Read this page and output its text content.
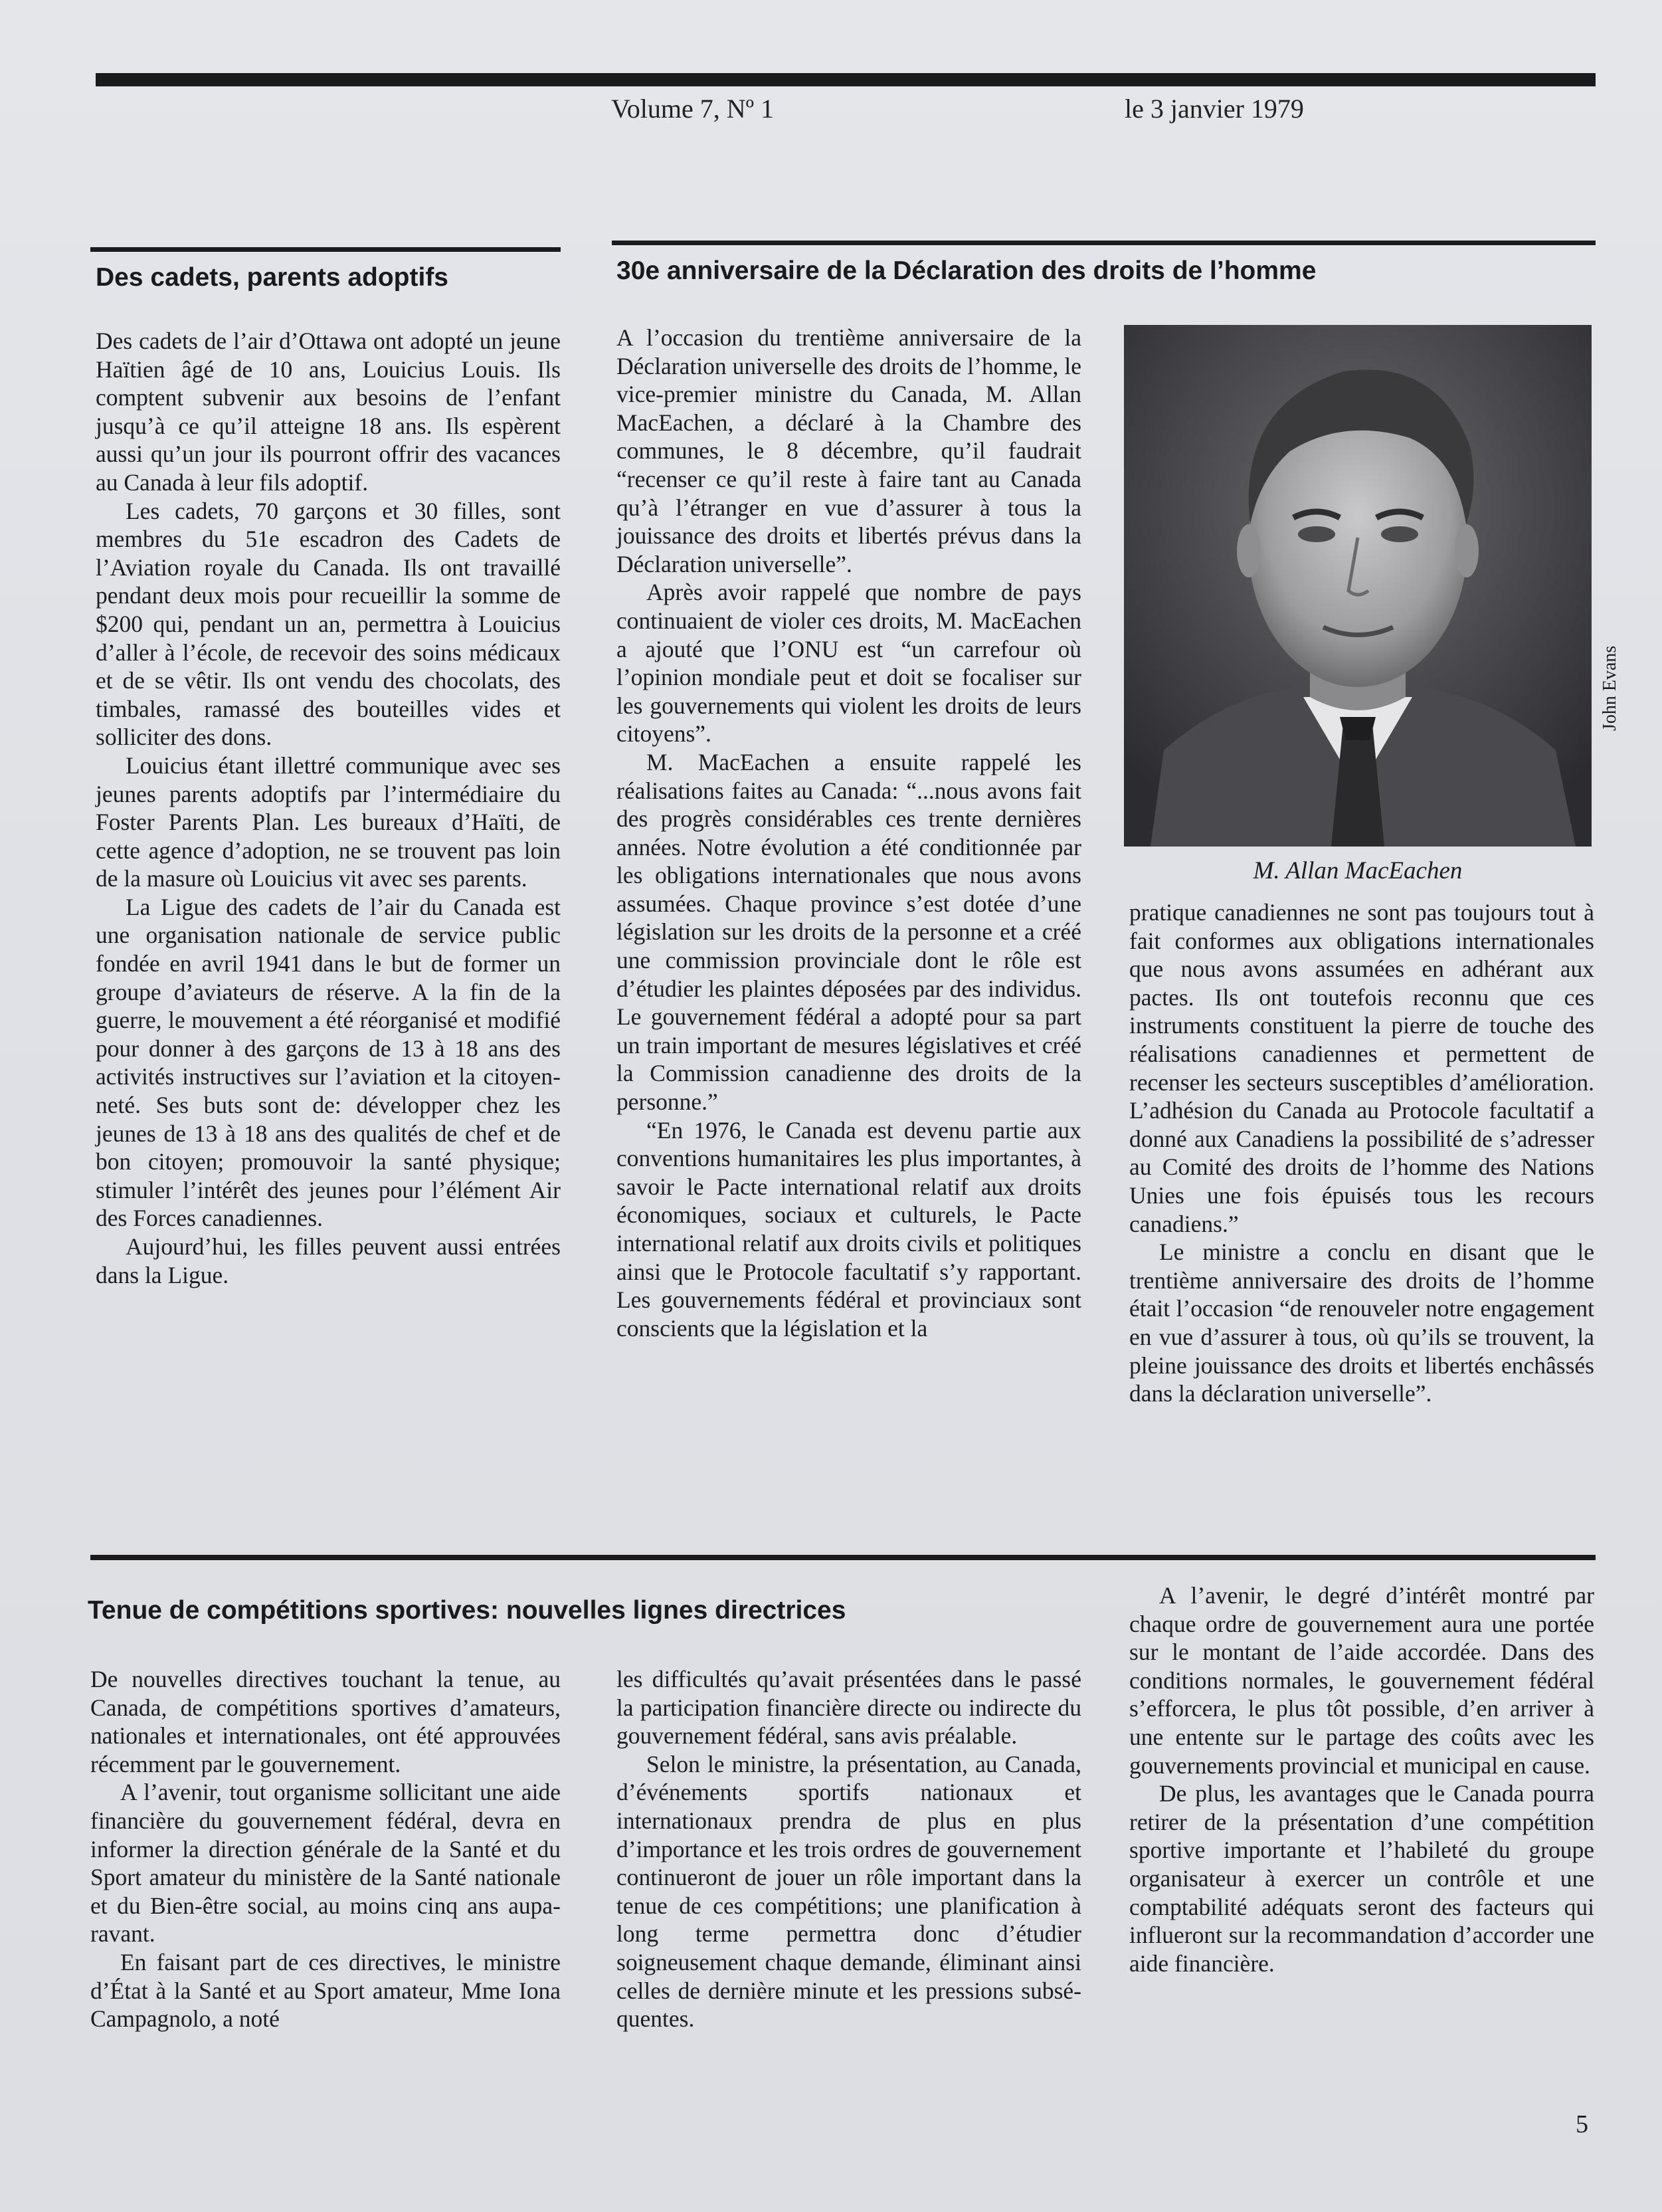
Volume 7, Nº 1	le 3 janvier 1979
Des cadets, parents adoptifs

Des cadets de l’air d’Ottawa ont adopté un jeune Haïtien âgé de 10 ans, Louicius Louis. Ils comptent subvenir aux besoins de l’enfant jusqu’à ce qu’il atteigne 18 ans. Ils espèrent aussi qu’un jour ils pourront offrir des vacances au Canada à leur fils adoptif.

Les cadets, 70 garçons et 30 filles, sont membres du 51e escadron des Cadets de l’Aviation royale du Canada. Ils ont travaillé pendant deux mois pour recueillir la somme de $200 qui, pendant un an, permettra à Louicius d’aller à l’école, de recevoir des soins médicaux et de se vêtir. Ils ont vendu des chocolats, des timbales, ramassé des bouteilles vides et solliciter des dons.

Louicius étant illettré communique avec ses jeunes parents adoptifs par l’intermédiaire du Foster Parents Plan. Les bureaux d’Haïti, de cette agence d’adoption, ne se trouvent pas loin de la masure où Louicius vit avec ses parents.

La Ligue des cadets de l’air du Canada est une organisation nationale de service public fondée en avril 1941 dans le but de former un groupe d’aviateurs de réserve. A la fin de la guerre, le mouvement a été réorganisé et modifié pour donner à des garçons de 13 à 18 ans des activités instructives sur l’aviation et la citoyenneté. Ses buts sont de: développer chez les jeunes de 13 à 18 ans des qualités de chef et de bon citoyen; promouvoir la santé physique; stimuler l’intérêt des jeunes pour l’élément Air des Forces canadiennes.

Aujourd’hui, les filles peuvent aussi entrées dans la Ligue.

30e anniversaire de la Déclaration des droits de l’homme

A l’occasion du trentième anniversaire de la Déclaration universelle des droits de l’homme, le vice-premier ministre du Canada, M. Allan MacEachen, a déclaré à la Chambre des communes, le 8 décembre, qu’il faudrait “recenser ce qu’il reste à faire tant au Canada qu’à l’étranger en vue d’assurer à tous la jouissance des droits et libertés prévus dans la Déclaration universelle”.

Après avoir rappelé que nombre de pays continuaient de violer ces droits, M. MacEachen a ajouté que l’ONU est “un carrefour où l’opinion mondiale peut et doit se focaliser sur les gouvernements qui violent les droits de leurs citoyens”.

M. MacEachen a ensuite rappelé les réalisations faites au Canada: “...nous avons fait des progrès considérables ces trente dernières années. Notre évolution a été conditionnée par les obligations internationales que nous avons assumées. Chaque province s’est dotée d’une législation sur les droits de la personne et a créé une commission provinciale dont le rôle est d’étudier les plaintes déposées par des individus. Le gouvernement fédéral a adopté pour sa part un train important de mesures législatives et créé la Commission canadienne des droits de la personne.”

“En 1976, le Canada est devenu partie aux conventions humanitaires les plus importantes, à savoir le Pacte international relatif aux droits économiques, sociaux et culturels, le Pacte international relatif aux droits civils et politiques ainsi que le Protocole facultatif s’y rapportant. Les gouvernements fédéral et provinciaux sont conscients que la législation et la

M. Allan MacEachen
John Evans

pratique canadiennes ne sont pas toujours tout à fait conformes aux obligations internationales que nous avons assumées en adhérant aux pactes. Ils ont toutefois reconnu que ces instruments constituent la pierre de touche des réalisations canadiennes et permettent de recenser les secteurs susceptibles d’amélioration. L’adhésion du Canada au Protocole facultatif a donné aux Canadiens la possibilité de s’adresser au Comité des droits de l’homme des Nations Unies une fois épuisés tous les recours canadiens.”

Le ministre a conclu en disant que le trentième anniversaire des droits de l’homme était l’occasion “de renouveler notre engagement en vue d’assurer à tous, où qu’ils se trouvent, la pleine jouissance des droits et libertés enchâssés dans la déclaration universelle”.

Tenue de compétitions sportives: nouvelles lignes directrices

De nouvelles directives touchant la tenue, au Canada, de compétitions sportives d’amateurs, nationales et internationales, ont été approuvées récemment par le gouvernement.

A l’avenir, tout organisme sollicitant une aide financière du gouvernement fédéral, devra en informer la direction générale de la Santé et du Sport amateur du ministère de la Santé nationale et du Bien-être social, au moins cinq ans auparavant.

En faisant part de ces directives, le ministre d’État à la Santé et au Sport amateur, Mme Iona Campagnolo, a noté

les difficultés qu’avait présentées dans le passé la participation financière directe ou indirecte du gouvernement fédéral, sans avis préalable.

Selon le ministre, la présentation, au Canada, d’événements sportifs nationaux et internationaux prendra de plus en plus d’importance et les trois ordres de gouvernement continueront de jouer un rôle important dans la tenue de ces compétitions; une planification à long terme permettra donc d’étudier soigneusement chaque demande, éliminant ainsi celles de dernière minute et les pressions subséquentes.

A l’avenir, le degré d’intérêt montré par chaque ordre de gouvernement aura une portée sur le montant de l’aide accordée. Dans des conditions normales, le gouvernement fédéral s’efforcera, le plus tôt possible, d’en arriver à une entente sur le partage des coûts avec les gouvernements provincial et municipal en cause.

De plus, les avantages que le Canada pourra retirer de la présentation d’une compétition sportive importante et l’habileté du groupe organisateur à exercer un contrôle et une comptabilité adéquats seront des facteurs qui influeront sur la recommandation d’accorder une aide financière.

5
